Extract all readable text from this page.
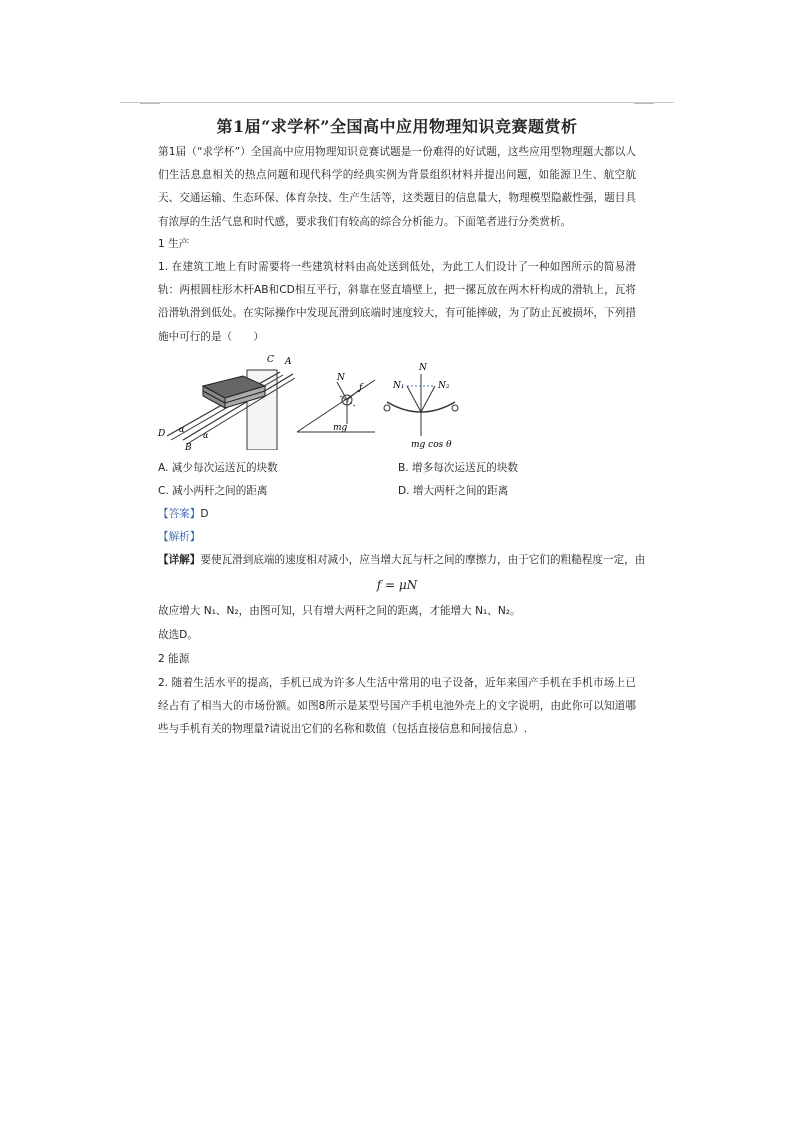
第1届“求学杯”全国高中应用物理知识竞赛题赏析
第1届（“求学杯”）全国高中应用物理知识竞赛试题是一份难得的好试题，这些应用型物理题大都以人们生活息息相关的热点问题和现代科学的经典实例为背景组织材料并提出问题，如能源卫生、航空航天、交通运输、生态环保、体育杂技、生产生活等，这类题目的信息量大，物理模型隐蔽性强，题目具有浓厚的生活气息和时代感，要求我们有较高的综合分析能力。下面笔者进行分类赏析。
1 生产
1. 在建筑工地上有时需要将一些建筑材料由高处送到低处，为此工人们设计了一种如图所示的简易滑轨：两根圆柱形木杆AB和CD相互平行，斜靠在竖直墙壁上，把一摞瓦放在两木杆构成的滑轨上，瓦将沿滑轨滑到低处。在实际操作中发现瓦滑到底端时速度较大，有可能摔破，为了防止瓦被损坏，下列措施中可行的是（　　）
C A
D
B
α
α
N
f
mg
N
N₁	N₂
mg cos θ
A. 减少每次运送瓦的块数	B. 增多每次运送瓦的块数
C. 减小两杆之间的距离	D. 增大两杆之间的距离
【答案】D
【解析】
【详解】要使瓦滑到底端的速度相对减小，应当增大瓦与杆之间的摩擦力，由于它们的粗糙程度一定，由
f = μN
故应增大 N₁、N₂，由图可知，只有增大两杆之间的距离，才能增大 N₁、N₂。
故选D。
2 能源
2. 随着生活水平的提高，手机已成为许多人生活中常用的电子设备，近年来国产手机在手机市场上已经占有了相当大的市场份额。如图8所示是某型号国产手机电池外壳上的文字说明，由此你可以知道哪些与手机有关的物理量?请说出它们的名称和数值（包括直接信息和间接信息）.
